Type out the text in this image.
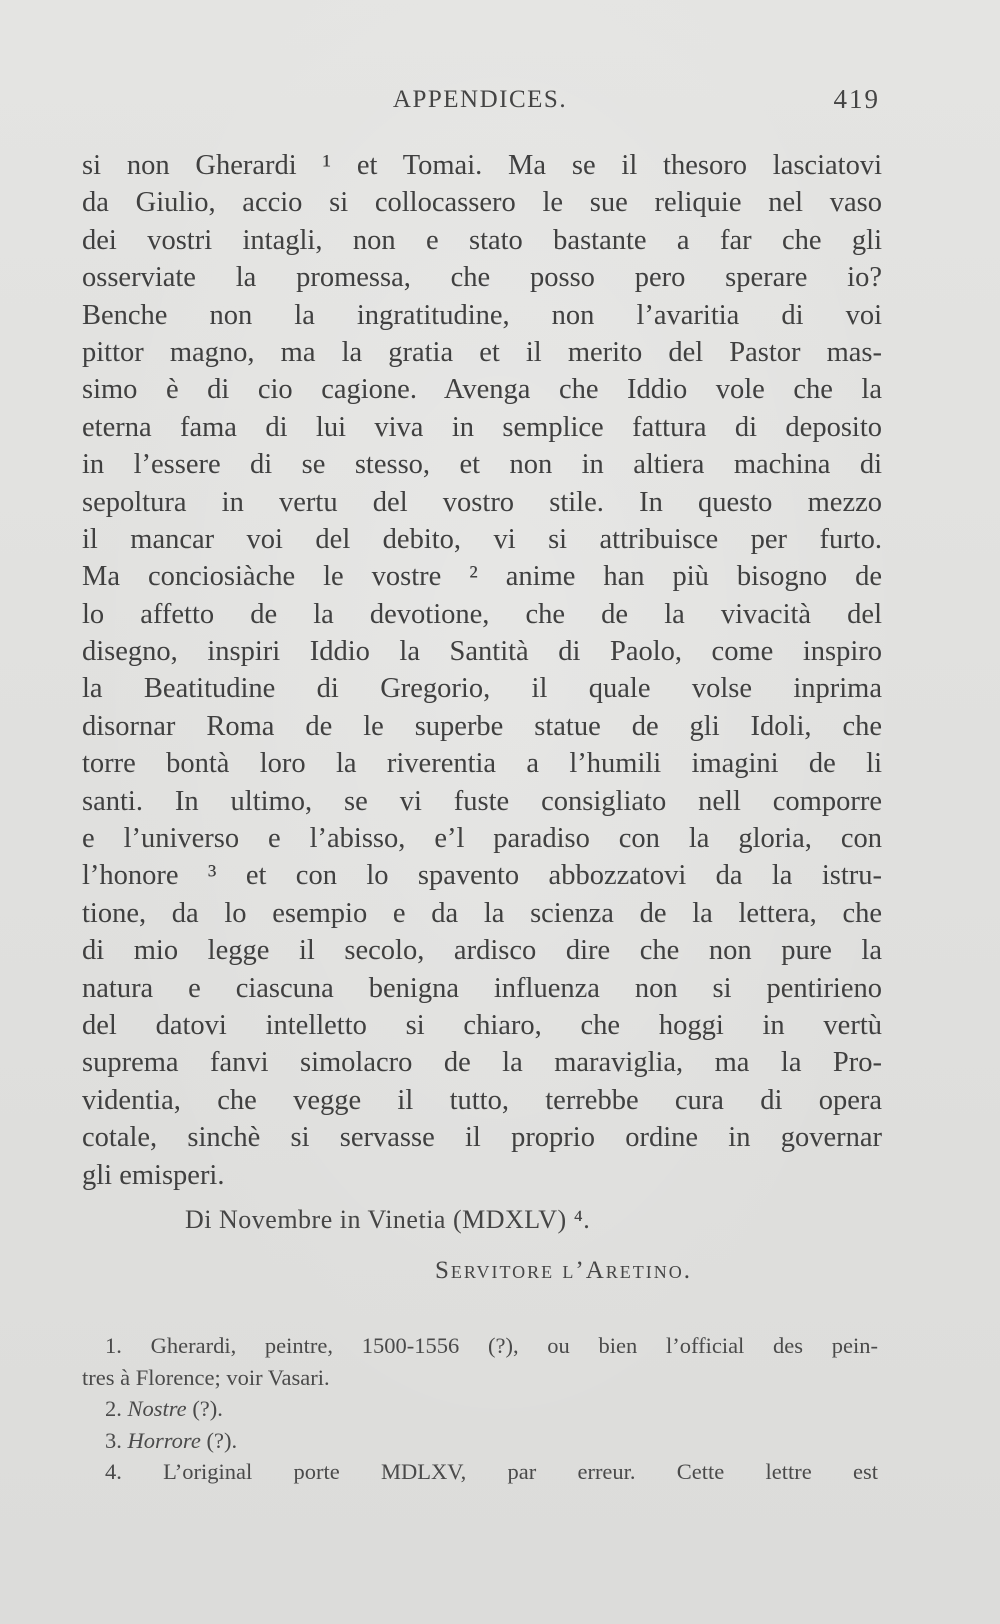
APPENDICES.	419
si non Gherardi ¹ et Tomai. Ma se il thesoro lasciatovi
da Giulio, accio si collocassero le sue reliquie nel vaso
dei vostri intagli, non e stato bastante a far che gli
osserviate la promessa, che posso pero sperare io?
Benche non la ingratitudine, non l’avaritia di voi
pittor magno, ma la gratia et il merito del Pastor mas-
simo è di cio cagione. Avenga che Iddio vole che la
eterna fama di lui viva in semplice fattura di deposito
in l’essere di se stesso, et non in altiera machina di
sepoltura in vertu del vostro stile. In questo mezzo
il mancar voi del debito, vi si attribuisce per furto.
Ma conciosiàche le vostre ² anime han più bisogno de
lo affetto de la devotione, che de la vivacità del
disegno, inspiri Iddio la Santità di Paolo, come inspiro
la Beatitudine di Gregorio, il quale volse inprima
disornar Roma de le superbe statue de gli Idoli, che
torre bontà loro la riverentia a l’humili imagini de li
santi. In ultimo, se vi fuste consigliato nell comporre
e l’universo e l’abisso, e’l paradiso con la gloria, con
l’honore ³ et con lo spavento abbozzatovi da la istru-
tione, da lo esempio e da la scienza de la lettera, che
di mio legge il secolo, ardisco dire che non pure la
natura e ciascuna benigna influenza non si pentirieno
del datovi intelletto si chiaro, che hoggi in vertù
suprema fanvi simolacro de la maraviglia, ma la Pro-
videntia, che vegge il tutto, terrebbe cura di opera
cotale, sinchè si servasse il proprio ordine in governar
gli emisperi.
Di Novembre in Vinetia (MDXLV) ⁴.
Servitore l’Aretino.
1. Gherardi, peintre, 1500-1556 (?), ou bien l’official des pein-
tres à Florence; voir Vasari.
2. Nostre (?).
3. Horrore (?).
4. L’original porte MDLXV, par erreur. Cette lettre est
